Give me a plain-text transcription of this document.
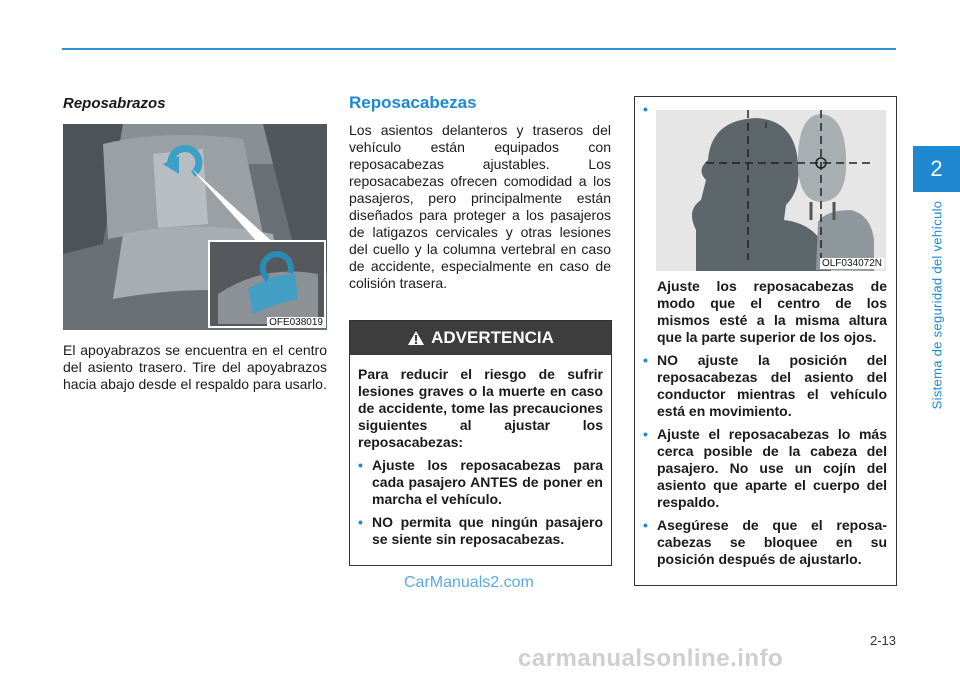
2
Sistema de seguridad del vehículo
Reposabrazos
OFE038019

El apoyabrazos se encuentra en el centro del asiento trasero. Tire del apoyabrazos hacia abajo desde el respaldo para usarlo.

Reposacabezas

Los asientos delanteros y traseros del vehículo están equipados con reposacabezas ajustables. Los reposacabezas ofrecen comodidad a los pasajeros, pero principalmente están diseñados para proteger a los pasajeros de latigazos cervicales y otras lesiones del cuello y la columna vertebral en caso de accidente, especialmente en caso de colisión trasera.

ADVERTENCIA

Para reducir el riesgo de sufrir lesiones graves o la muerte en caso de accidente, tome las precauciones siguientes al ajustar los reposacabezas:

• Ajuste los reposacabezas para cada pasajero ANTES de poner en marcha el vehículo.
• NO permita que ningún pasajero se siente sin reposacabezas.
CarManuals2.com
•
OLF034072N

Ajuste los reposacabezas de modo que el centro de los mismos esté a la misma altura que la parte superior de los ojos.

• NO ajuste la posición del reposacabezas del asiento del conductor mientras el vehículo está en movimiento.
• Ajuste el reposacabezas lo más cerca posible de la cabeza del pasajero. No use un cojín del asiento que aparte el cuerpo del respaldo.
• Asegúrese de que el reposa-cabezas se bloquee en su posición después de ajustarlo.
2-13
carmanualsonline.info
